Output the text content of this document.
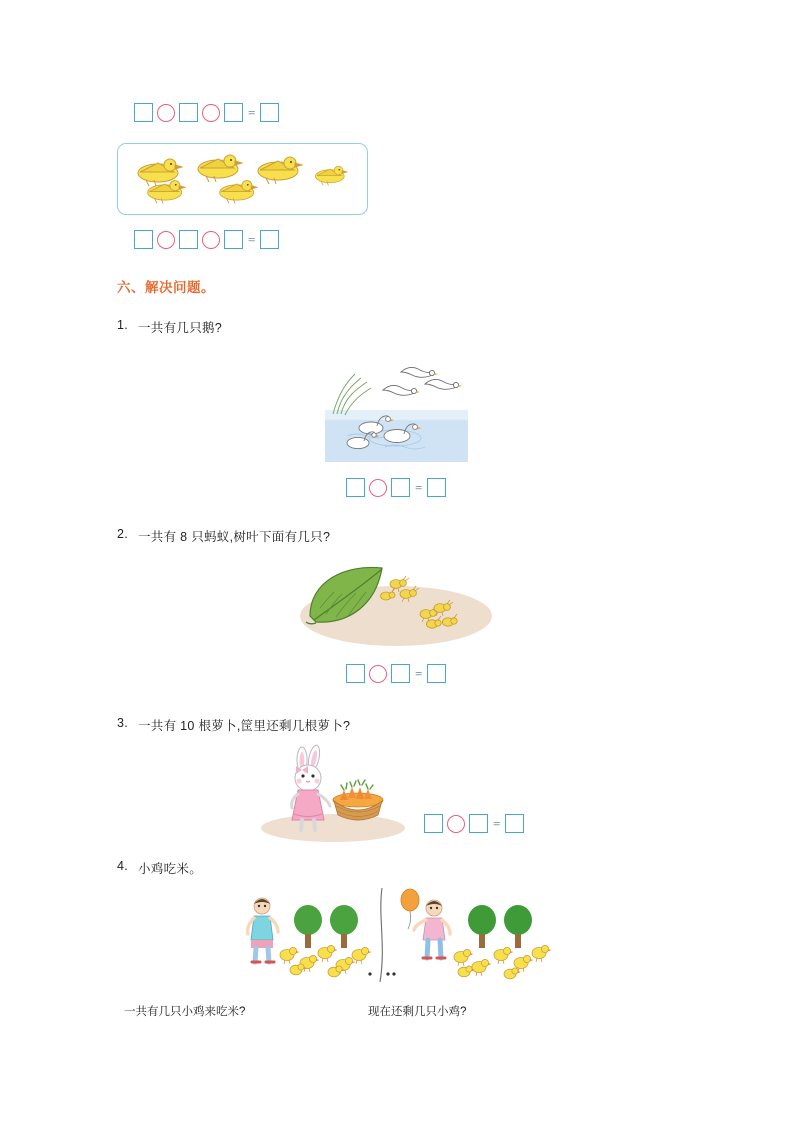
=
=
六、解决问题。
1. 一共有几只鹅?
=
2. 一共有 8 只蚂蚁,树叶下面有几只?
=
3. 一共有 10 根萝卜,筐里还剩几根萝卜?
=
4. 小鸡吃米。
一共有几只小鸡来吃米?	现在还剩几只小鸡?
